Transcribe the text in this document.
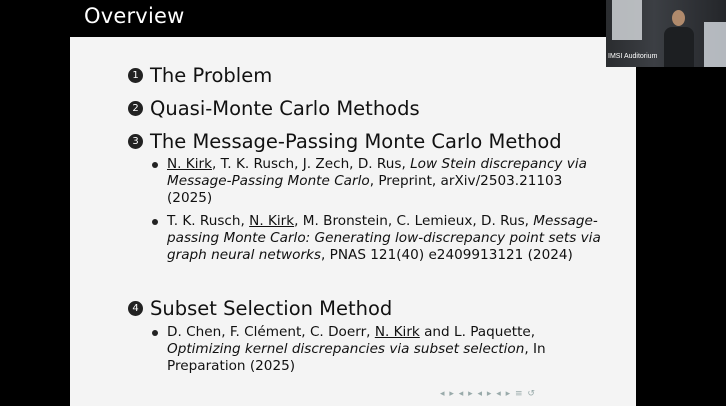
Overview
IMSI Auditorium
1 The Problem
2 Quasi-Monte Carlo Methods
3 The Message-Passing Monte Carlo Method
N. Kirk, T. K. Rusch, J. Zech, D. Rus, Low Stein discrepancy via Message-Passing Monte Carlo, Preprint, arXiv/2503.21103 (2025)
T. K. Rusch, N. Kirk, M. Bronstein, C. Lemieux, D. Rus, Message-passing Monte Carlo: Generating low-discrepancy point sets via graph neural networks, PNAS 121(40) e2409913121 (2024)
4 Subset Selection Method
D. Chen, F. Clément, C. Doerr, N. Kirk and L. Paquette, Optimizing kernel discrepancies via subset selection, In Preparation (2025)
◂ ▸ ◂ ▸ ◂ ▸ ◂ ▸ ≡ ↺
